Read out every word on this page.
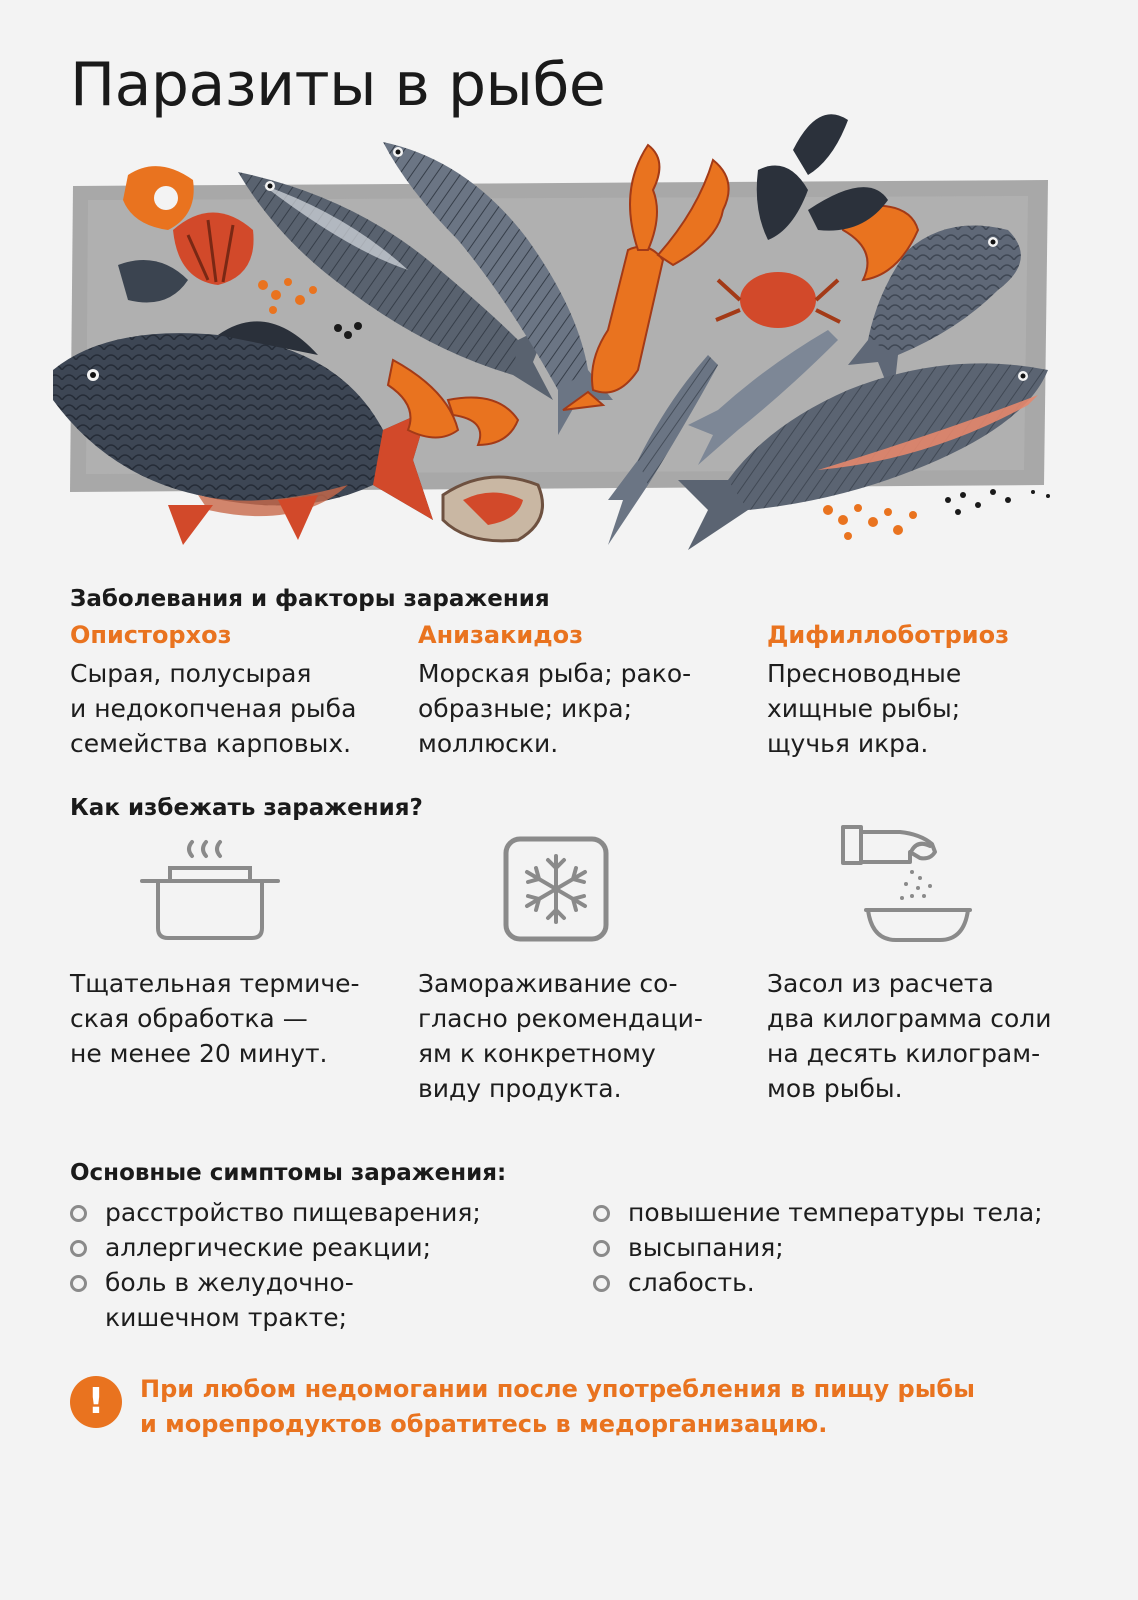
Паразиты в рыбе
Заболевания и факторы заражения

Описторхоз

Сырая, полусырая
и недокопченая рыба
семейства карповых.

Анизакидоз

Морская рыба; рако-
образные; икра;
моллюски.

Дифиллоботриоз

Пресноводные
хищные рыбы;
щучья икра.

Как избежать заражения?

Тщательная термиче-
ская обработка —
не менее 20 минут.

Замораживание со-
гласно рекомендаци-
ям к конкретному
виду продукта.

Засол из расчета
два килограмма соли
на десять килограм-
мов рыбы.

Основные симптомы заражения:
расстройство пищеварения;
аллергические реакции;
боль в желудочно-
кишечном тракте;
повышение температуры тела;
высыпания;
слабость.
!	При любом недомогании после употребления в пищу рыбы
и морепродуктов обратитесь в медорганизацию.
